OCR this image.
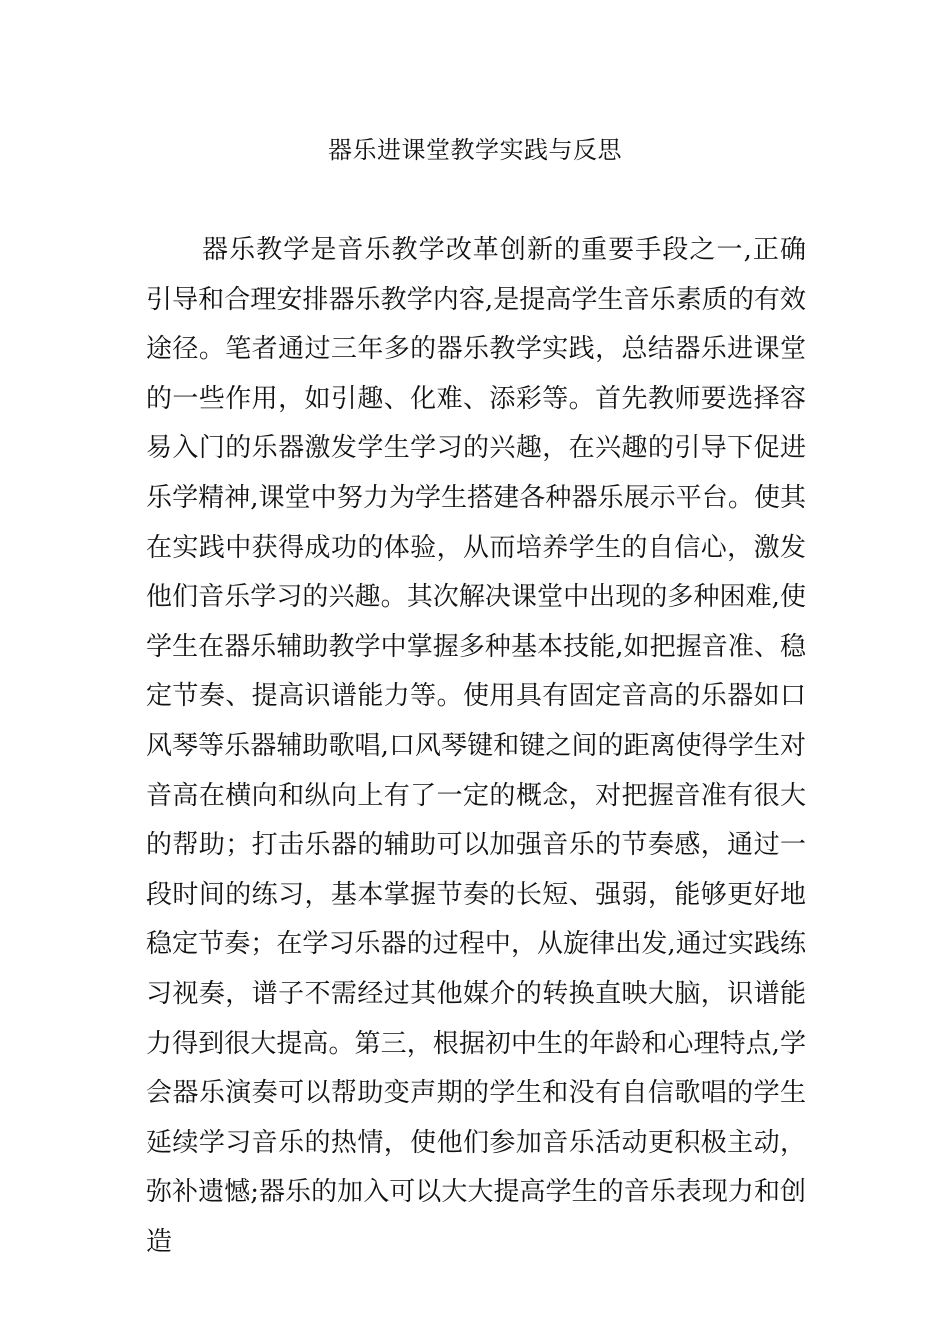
器乐进课堂教学实践与反思

器乐教学是音乐教学改革创新的重要手段之一,正确引导和合理安排器乐教学内容,是提高学生音乐素质的有效途径。笔者通过三年多的器乐教学实践，总结器乐进课堂的一些作用，如引趣、化难、添彩等。首先教师要选择容易入门的乐器激发学生学习的兴趣，在兴趣的引导下促进乐学精神,课堂中努力为学生搭建各种器乐展示平台。使其在实践中获得成功的体验，从而培养学生的自信心，激发他们音乐学习的兴趣。其次解决课堂中出现的多种困难,使学生在器乐辅助教学中掌握多种基本技能,如把握音准、稳定节奏、提高识谱能力等。使用具有固定音高的乐器如口风琴等乐器辅助歌唱,口风琴键和键之间的距离使得学生对音高在横向和纵向上有了一定的概念，对把握音准有很大的帮助；打击乐器的辅助可以加强音乐的节奏感，通过一段时间的练习，基本掌握节奏的长短、强弱，能够更好地稳定节奏；在学习乐器的过程中，从旋律出发,通过实践练习视奏，谱子不需经过其他媒介的转换直映大脑，识谱能力得到很大提高。第三，根据初中生的年龄和心理特点,学会器乐演奏可以帮助变声期的学生和没有自信歌唱的学生延续学习音乐的热情，使他们参加音乐活动更积极主动，弥补遗憾;器乐的加入可以大大提高学生的音乐表现力和创造
